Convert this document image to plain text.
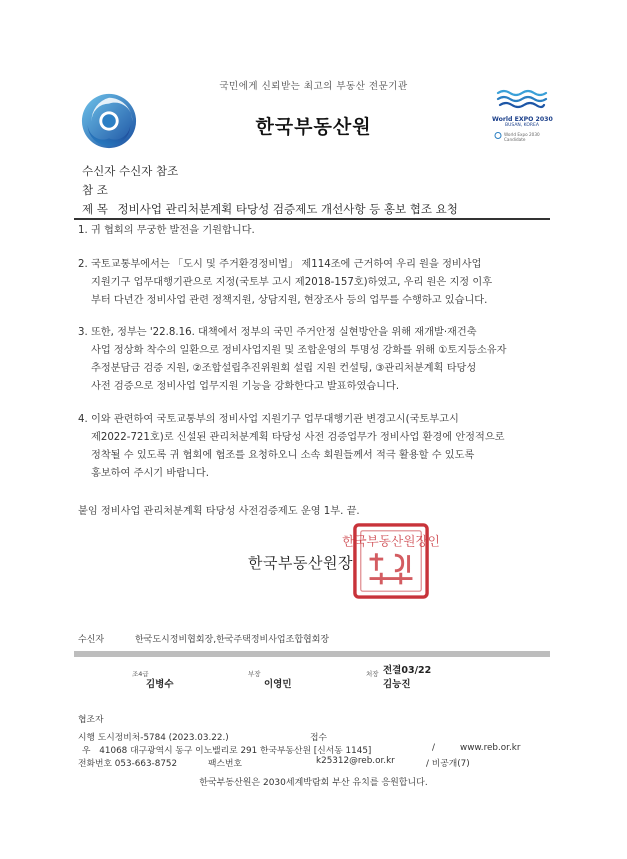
국민에게 신뢰받는 최고의 부동산 전문기관
한국부동산원	World EXPO 2030
BUSAN, KOREA
World Expo 2030 Candidate
수신자 수신자 참조
참 조
제 목 정비사업 관리처분계획 타당성 검증제도 개선사항 등 홍보 협조 요청
1. 귀 협회의 무궁한 발전을 기원합니다.
2. 국토교통부에서는 「도시 및 주거환경정비법」 제114조에 근거하여 우리 원을 정비사업
지원기구 업무대행기관으로 지정(국토부 고시 제2018-157호)하였고, 우리 원은 지정 이후
부터 다년간 정비사업 관련 정책지원, 상담지원, 현장조사 등의 업무를 수행하고 있습니다.
3. 또한, 정부는 '22.8.16. 대책에서 정부의 국민 주거안정 실현방안을 위해 재개발·재건축
사업 정상화 착수의 일환으로 정비사업지원 및 조합운영의 투명성 강화를 위해 ①토지등소유자
추정분담금 검증 지원, ②조합설립추진위원회 설립 지원 컨설팅, ③관리처분계획 타당성
사전 검증으로 정비사업 업무지원 기능을 강화한다고 발표하였습니다.
4. 이와 관련하여 국토교통부의 정비사업 지원기구 업무대행기관 변경고시(국토부고시
제2022-721호)로 신설된 관리처분계획 타당성 사전 검증업무가 정비사업 환경에 안정적으로
정착될 수 있도록 귀 협회에 협조를 요청하오니 소속 회원들께서 적극 활용할 수 있도록
홍보하여 주시기 바랍니다.
붙임 정비사업 관리처분계획 타당성 사전검증제도 운영 1부. 끝.
한국부동산원장
한국부동산원장인
수신자	한국도시정비협회장,한국주택정비사업조합협회장
조4급
김병수
부장
이영민
처장 전결03/22
김능진
협조자
시행 도시정비처-5784 (2023.03.22.)	접수
우 41068 대구광역시 동구 이노밸리로 291 한국부동산원 [신서동 1145]	/	www.reb.or.kr
전화번호 053-663-8752	팩스번호	k25312@reb.or.kr	/ 비공개(7)
한국부동산원은 2030세계박람회 부산 유치를 응원합니다.
